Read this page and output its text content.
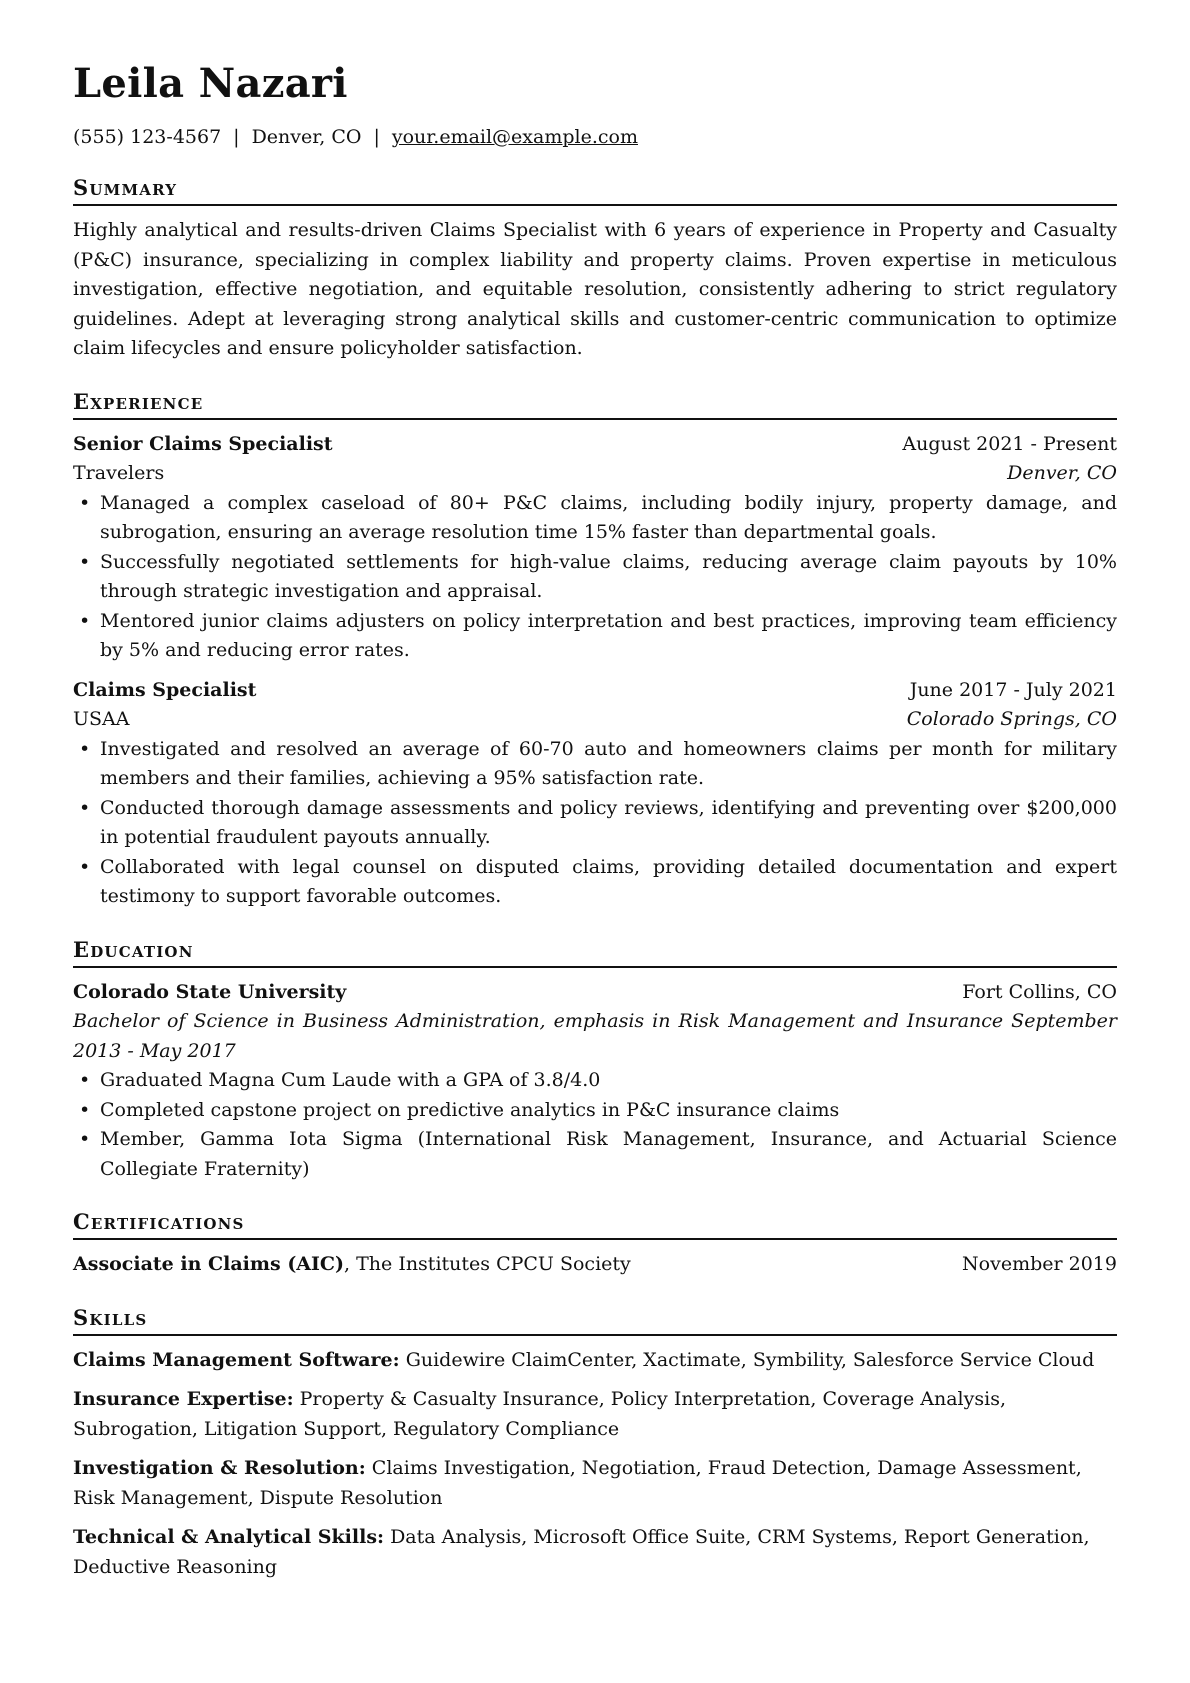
Leila Nazari
(555) 123-4567 | Denver, CO | your.email@example.com
Summary
Highly analytical and results-driven Claims Specialist with 6 years of experience in Property and Casualty (P&C) insurance, specializing in complex liability and property claims. Proven expertise in meticulous investigation, effective negotiation, and equitable resolution, consistently adhering to strict regulatory guidelines. Adept at leveraging strong analytical skills and customer-centric communication to optimize claim lifecycles and ensure policyholder satisfaction.
Experience
Senior Claims Specialist	August 2021 - Present
Travelers	Denver, CO
• Managed a complex caseload of 80+ P&C claims, including bodily injury, property damage, and subrogation, ensuring an average resolution time 15% faster than departmental goals.
• Successfully negotiated settlements for high-value claims, reducing average claim payouts by 10% through strategic investigation and appraisal.
• Mentored junior claims adjusters on policy interpretation and best practices, improving team efficiency by 5% and reducing error rates.
Claims Specialist	June 2017 - July 2021
USAA	Colorado Springs, CO
• Investigated and resolved an average of 60-70 auto and homeowners claims per month for military members and their families, achieving a 95% satisfaction rate.
• Conducted thorough damage assessments and policy reviews, identifying and preventing over $200,000 in potential fraudulent payouts annually.
• Collaborated with legal counsel on disputed claims, providing detailed documentation and expert testimony to support favorable outcomes.
Education
Colorado State University	Fort Collins, CO
Bachelor of Science in Business Administration, emphasis in Risk Management and Insurance September 2013 - May 2017
• Graduated Magna Cum Laude with a GPA of 3.8/4.0
• Completed capstone project on predictive analytics in P&C insurance claims
• Member, Gamma Iota Sigma (International Risk Management, Insurance, and Actuarial Science Collegiate Fraternity)
Certifications
Associate in Claims (AIC), The Institutes CPCU Society	November 2019
Skills
Claims Management Software: Guidewire ClaimCenter, Xactimate, Symbility, Salesforce Service Cloud
Insurance Expertise: Property & Casualty Insurance, Policy Interpretation, Coverage Analysis, Subrogation, Litigation Support, Regulatory Compliance
Investigation & Resolution: Claims Investigation, Negotiation, Fraud Detection, Damage Assessment, Risk Management, Dispute Resolution
Technical & Analytical Skills: Data Analysis, Microsoft Office Suite, CRM Systems, Report Generation, Deductive Reasoning
